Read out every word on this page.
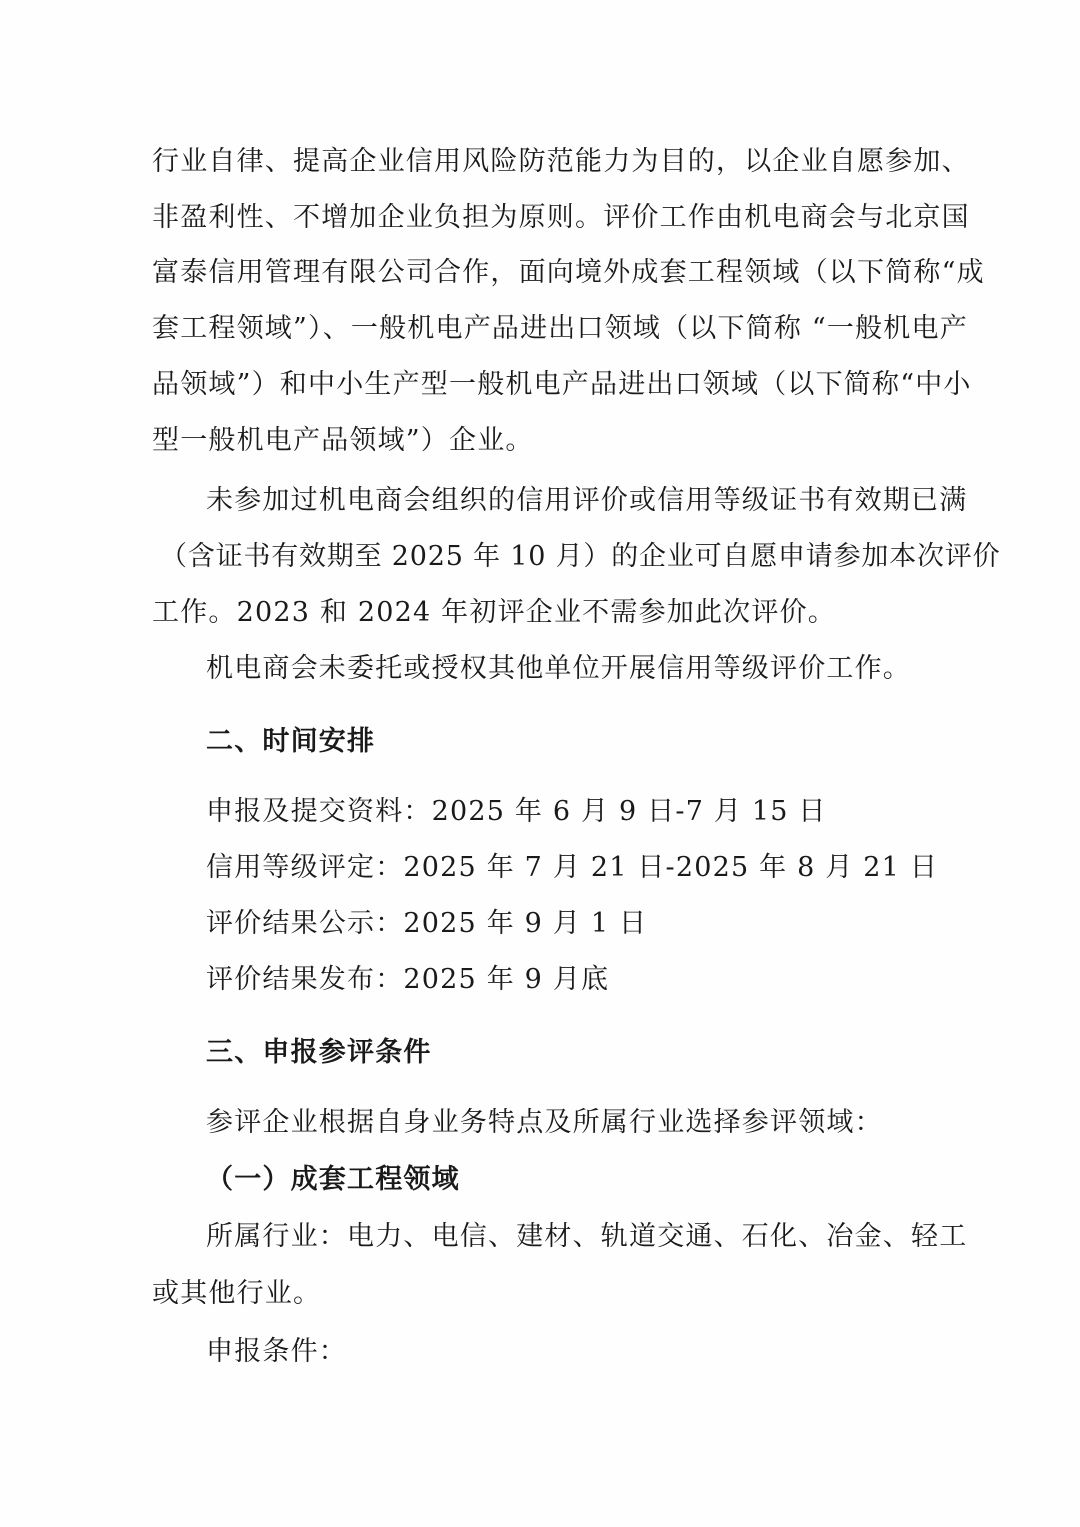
行业自律、提高企业信用风险防范能力为目的，以企业自愿参加、
非盈利性、不增加企业负担为原则。评价工作由机电商会与北京国
富泰信用管理有限公司合作，面向境外成套工程领域（以下简称“成
套工程领域”）、一般机电产品进出口领域（以下简称 “一般机电产
品领域”）和中小生产型一般机电产品进出口领域（以下简称“中小
型一般机电产品领域”）企业。
未参加过机电商会组织的信用评价或信用等级证书有效期已满
（含证书有效期至 2025 年 10 月）的企业可自愿申请参加本次评价
工作。2023 和 2024 年初评企业不需参加此次评价。
机电商会未委托或授权其他单位开展信用等级评价工作。
二、时间安排
申报及提交资料：2025 年 6 月 9 日-7 月 15 日
信用等级评定：2025 年 7 月 21 日-2025 年 8 月 21 日
评价结果公示：2025 年 9 月 1 日
评价结果发布：2025 年 9 月底
三、申报参评条件
参评企业根据自身业务特点及所属行业选择参评领域：
（一）成套工程领域
所属行业：电力、电信、建材、轨道交通、石化、冶金、轻工
或其他行业。
申报条件：
